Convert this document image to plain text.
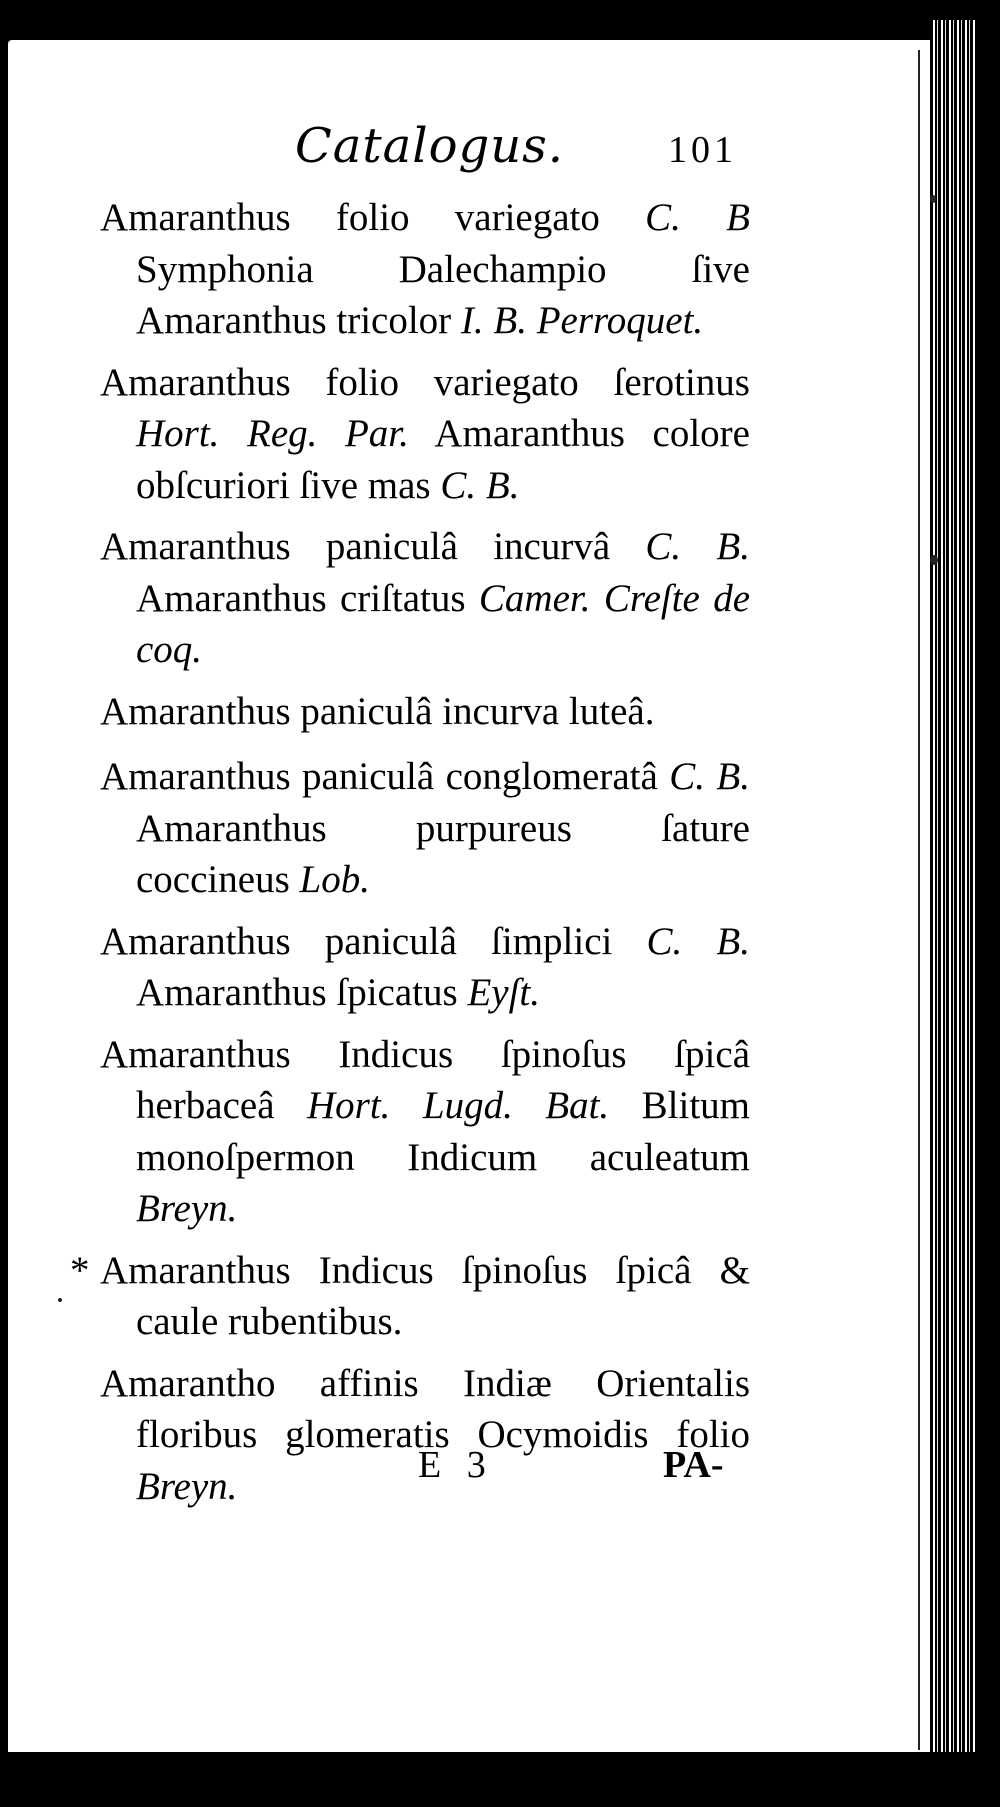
Catalogus.	101

Amaranthus folio variegato C. B Symphonia Dalechampio ſive Amaranthus tricolor I. B. Perroquet.

Amaranthus folio variegato ſerotinus Hort. Reg. Par. Amaranthus colore obſcuriori ſive mas C. B.

Amaranthus paniculâ incurvâ C. B. Amaranthus criſtatus Camer. Creſte de coq.

Amaranthus paniculâ incurva luteâ.

Amaranthus paniculâ conglomeratâ C. B. Amaranthus purpureus ſature coccineus Lob.

Amaranthus paniculâ ſimplici C. B. Amaranthus ſpicatus Eyſt.

Amaranthus Indicus ſpinoſus ſpicâ herbaceâ Hort. Lugd. Bat. Blitum monoſpermon Indicum aculeatum Breyn.

* Amaranthus Indicus ſpinoſus ſpicâ & caule rubentibus.

Amarantho affinis Indiæ Orientalis floribus glomeratis Ocymoidis folio Breyn.	E 3	PA-
